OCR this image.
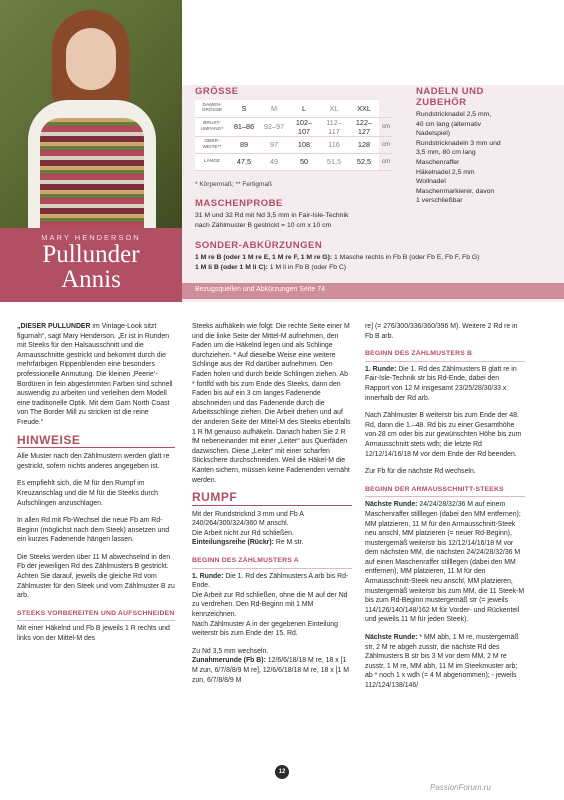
MARY HENDERSON
Pullunder
Annis
GRÖSSE
DAMEN-GRÖSSE	S	M	L	XL	XXL	
BRUST-UMFANG*	81–86	92–97	102–107	112–117	122–127	cm
OBER-WEITE**	89	97	108	116	128	cm
LÄNGE	47,5	49	50	51,5	52,5	cm
* Körpermaß; ** Fertigmaß
MASCHENPROBE
31 M und 32 Rd mit Nd 3,5 mm in Fair-Isle-Technik
nach Zählmuster B gestrickt = 10 cm x 10 cm
SONDER-ABKÜRZUNGEN
1 M re B (oder 1 M re E, 1 M re F, 1 M re G): 1 Masche rechts in Fb B (oder Fb E, Fb F, Fb G)
1 M li B (oder 1 M li C): 1 M li in Fb B (oder Fb C)
NADELN UND
ZUBEHÖR
Rundstricknadel 2,5 mm,
40 cm lang (alternativ
Nadelspiel)
Rundstricknadeln 3 mm und
3,5 mm, 80 cm lang
Maschenraffer
Häkelnadel 2,5 mm
Wollnadel
Maschenmarkierer, davon
1 verschließbar
Bezugsquellen und Abkürzungen Seite 74

„DIESER PULLUNDER im Vintage-Look sitzt figurnah“, sagt Mary Henderson. „Er ist in Runden mit Steeks für den Halsausschnitt und die Armausschnitte gestrickt und bekommt durch die mehrfarbigen Rippenblenden eine besonders professionelle Anmutung. Die kleinen ‚Peerie‘-Bordüren in fein abgestimmten Farben sind schnell auswendig zu arbeiten und verleihen dem Modell eine traditionelle Optik. Mit dem Garn North Coast von The Border Mill zu stricken ist die reine Freude.“

HINWEISE

Alle Muster nach den Zählmustern werden glatt re gestrickt, sofern nichts anderes angegeben ist.

Es empfiehlt sich, die M für den Rumpf im Kreuzanschlag und die M für die Steeks durch Aufschlingen anzuschlagen.

In allen Rd mit Fb-Wechsel die neue Fb am Rd-Beginn (möglichst nach dem Steek) ansetzen und ein kurzes Fadenende hängen lassen.

Die Steeks werden über 11 M abwechselnd in den Fb der jeweiligen Rd des Zählmusters B gestrickt. Achten Sie darauf, jeweils die gleiche Rd vom Zählmuster für den Steek und vom Zählmuster B zu arb.

STEEKS VORBEREITEN UND AUFSCHNEIDEN

Mit einer Häkelnd und Fb B jeweils 1 R rechts und links von der Mittel-M des

Steeks aufhäkeln wie folgt: Die rechte Seite einer M und die linke Seite der Mittel-M aufnehmen, den Faden um die Häkelnd legen und als Schlinge durchziehen. * Auf dieselbe Weise eine weitere Schlinge aus der Rd darüber aufnehmen. Den Faden holen und durch beide Schlingen ziehen. Ab * fortlfd wdh bis zum Ende des Steeks, dann den Faden bis auf ein 3 cm langes Fadenende abschneiden und das Fadenende durch die Arbeitsschlinge ziehen. Die Arbeit drehen und auf der anderen Seite der Mittel-M des Steeks ebenfalls 1 R fM genauso aufhäkeln. Danach haben Sie 2 R fM nebeneinander mit einer „Leiter“ aus Querfäden dazwischen. Diese „Leiter“ mit einer scharfen Stickschere durchschneiden. Weil die Häkel-M die Kanten sichern, müssen keine Fadenenden vernäht werden.

RUMPF
Mit der Rundstricknd 3 mm und Fb A 240/264/300/324/360 M anschl.
Die Arbeit nicht zur Rd schließen.

Einteilungsreihe (Rückr): Re M str.

BEGINN DES ZÄHLMUSTERS A
1. Runde: Die 1. Rd des Zählmusters A arb bis Rd-Ende.
Die Arbeit zur Rd schließen, ohne die M auf der Nd zu verdrehen. Den Rd-Beginn mit 1 MM kennzeichnen.

Nach Zählmuster A in der gegebenen Einteilung weiterstr bis zum Ende der 15. Rd.

Zu Nd 3,5 mm wechseln.
Zunahmerunde (Fb B): 12/6/6/18/18 M re, 18 x [1 M zun, 6/7/8/8/9 M re], 12/6/6/18/18 M re, 18 x [1 M zun, 6/7/8/8/9 M

re] (= 276/300/336/360/396 M). Weitere 2 Rd re in Fb B arb.

BEGINN DES ZÄHLMUSTERS B

1. Runde: Die 1. Rd des Zählmusters B glatt re in Fair-Isle-Technik str bis Rd-Ende, dabei den Rapport von 12 M insgesamt 23/25/28/30/33 x innerhalb der Rd arb.

Nach Zählmuster B weiterstr bis zum Ende der 48. Rd, dann die 1.–48. Rd bis zu einer Gesamthöhe von 28 cm oder bis zur gewünschten Höhe bis zum Armausschnitt stets wdh; die letzte Rd 12/12/14/16/18 M vor dem Ende der Rd beenden.

Zur Fb für die nächste Rd wechseln.

BEGINN DER ARMAUSSCHNITT-STEEKS

Nächste Runde: 24/24/28/32/36 M auf einem Maschenraffer stilllegen (dabei den MM entfernen); MM platzieren, 11 M für den Armausschnitt-Steek neu anschl, MM platzieren (= neuer Rd-Beginn), mustergemäß weiterstr bis 12/12/14/16/18 M vor dem nächsten MM, die nächsten 24/24/28/32/36 M auf einen Maschenraffer stilllegen (dabei den MM entfernen), MM platzieren, 11 M für den Armausschnitt-Steek neu anschl, MM platzieren, mustergemäß weiterstr bis zum MM, die 11 Steek-M bis zum Rd-Beginn mustergemäß str (= jeweils 114/126/140/148/162 M für Vorder- und Rückenteil und jeweils 11 M für jeden Steek).

Nächste Runde: * MM abh, 1 M re, mustergemäß str, 2 M re abgeh zusstr, die nächste Rd des Zählmusters B str bis 3 M vor dem MM, 2 M re zusstr, 1 M re, MM abh, 11 M im Steekmuster arb; ab * noch 1 x wdh (= 4 M abgenommen); - jeweils 112/124/138/146/
12
PassionForum.ru
